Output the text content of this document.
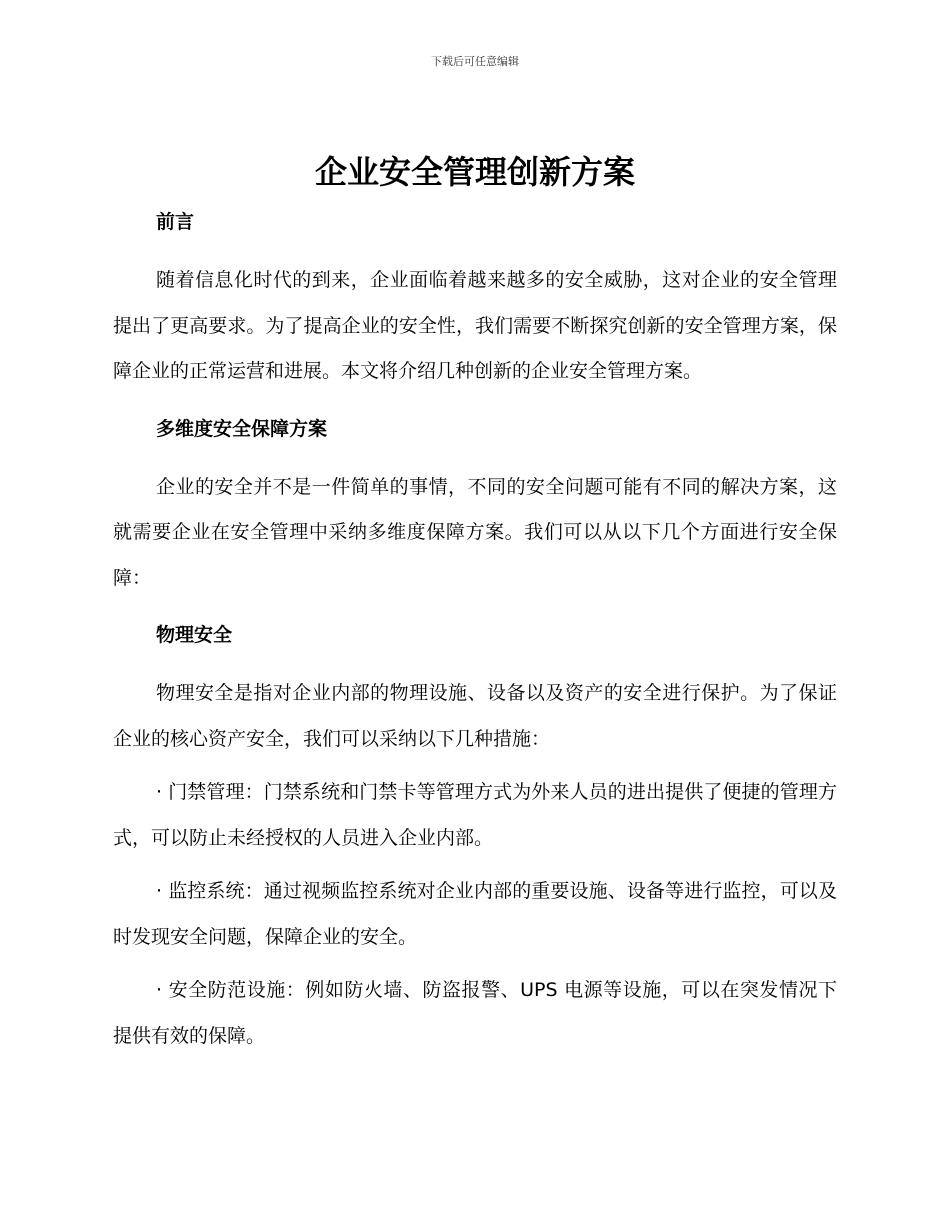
下载后可任意编辑
企业安全管理创新方案

前言

随着信息化时代的到来，企业面临着越来越多的安全威胁，这对企业的安全管理提出了更高要求。为了提高企业的安全性，我们需要不断探究创新的安全管理方案，保障企业的正常运营和进展。本文将介绍几种创新的企业安全管理方案。

多维度安全保障方案

企业的安全并不是一件简单的事情，不同的安全问题可能有不同的解决方案，这就需要企业在安全管理中采纳多维度保障方案。我们可以从以下几个方面进行安全保障：

物理安全

物理安全是指对企业内部的物理设施、设备以及资产的安全进行保护。为了保证企业的核心资产安全，我们可以采纳以下几种措施：

· 门禁管理：门禁系统和门禁卡等管理方式为外来人员的进出提供了便捷的管理方式，可以防止未经授权的人员进入企业内部。

· 监控系统：通过视频监控系统对企业内部的重要设施、设备等进行监控，可以及时发现安全问题，保障企业的安全。

· 安全防范设施：例如防火墙、防盗报警、UPS 电源等设施，可以在突发情况下提供有效的保障。
